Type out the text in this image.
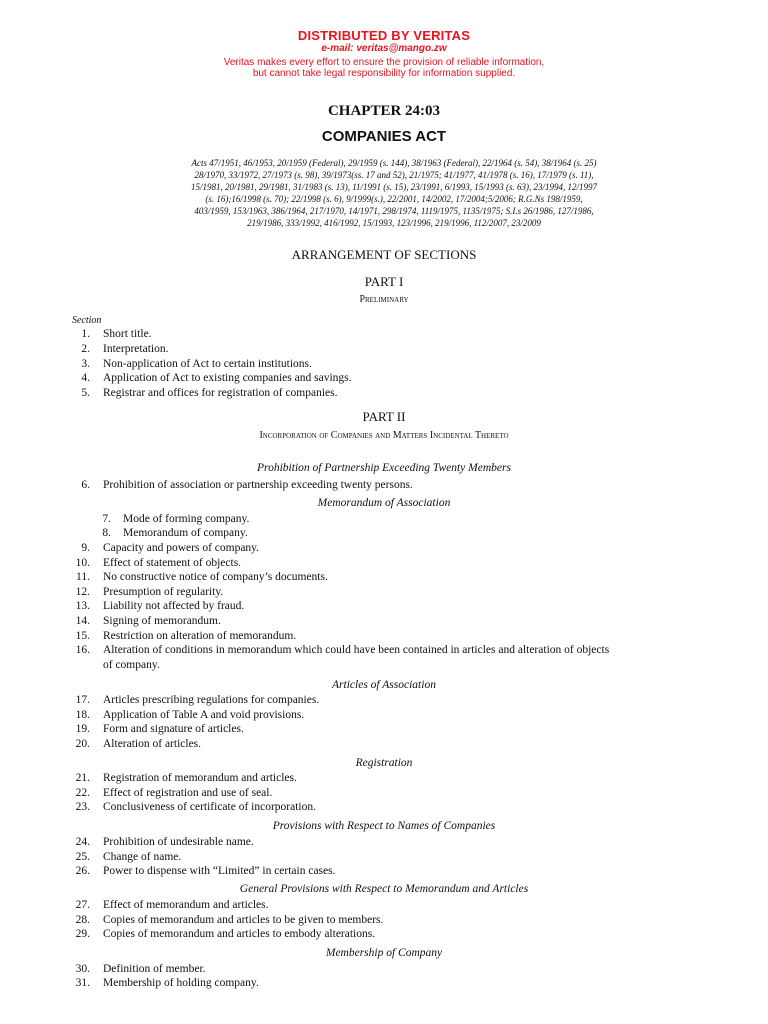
DISTRIBUTED BY VERITAS
e-mail: veritas@mango.zw
Veritas makes every effort to ensure the provision of reliable information,
but cannot take legal responsibility for information supplied.
CHAPTER 24:03
COMPANIES ACT
Acts 47/1951, 46/1953, 20/1959 (Federal), 29/1959 (s. 144), 38/1963 (Federal), 22/1964 (s. 54), 38/1964 (s. 25)
28/1970, 33/1972, 27/1973 (s. 98), 39/1973(ss. 17 and 52), 21/1975; 41/1977, 41/1978 (s. 16), 17/1979 (s. 11),
15/1981, 20/1981, 29/1981, 31/1983 (s. 13), 11/1991 (s. 15), 23/1991, 6/1993, 15/1993 (s. 63), 23/1994, 12/1997
(s. 16);16/1998 (s. 70); 22/1998 (s. 6), 9/1999(s.), 22/2001, 14/2002, 17/2004;5/2006; R.G.Ns 198/1959,
403/1959, 153/1963, 386/1964, 217/1970, 14/1971, 298/1974, 1119/1975, 1135/1975; S.I.s 26/1986, 127/1986,
219/1986, 333/1992, 416/1992, 15/1993, 123/1996, 219/1996, 112/2007, 23/2009
ARRANGEMENT OF SECTIONS
PART I
Preliminary
Section
1. Short title.
2. Interpretation.
3. Non-application of Act to certain institutions.
4. Application of Act to existing companies and savings.
5. Registrar and offices for registration of companies.
PART II
Incorporation of Companies and Matters Incidental Thereto
Prohibition of Partnership Exceeding Twenty Members
6. Prohibition of association or partnership exceeding twenty persons.
Memorandum of Association
7. Mode of forming company.
8. Memorandum of company.
9. Capacity and powers of company.
10. Effect of statement of objects.
11. No constructive notice of company’s documents.
12. Presumption of regularity.
13. Liability not affected by fraud.
14. Signing of memorandum.
15. Restriction on alteration of memorandum.
16. Alteration of conditions in memorandum which could have been contained in articles and alteration of objects
of company.
Articles of Association
17. Articles prescribing regulations for companies.
18. Application of Table A and void provisions.
19. Form and signature of articles.
20. Alteration of articles.
Registration
21. Registration of memorandum and articles.
22. Effect of registration and use of seal.
23. Conclusiveness of certificate of incorporation.
Provisions with Respect to Names of Companies
24. Prohibition of undesirable name.
25. Change of name.
26. Power to dispense with “Limited” in certain cases.
General Provisions with Respect to Memorandum and Articles
27. Effect of memorandum and articles.
28. Copies of memorandum and articles to be given to members.
29. Copies of memorandum and articles to embody alterations.
Membership of Company
30. Definition of member.
31. Membership of holding company.
